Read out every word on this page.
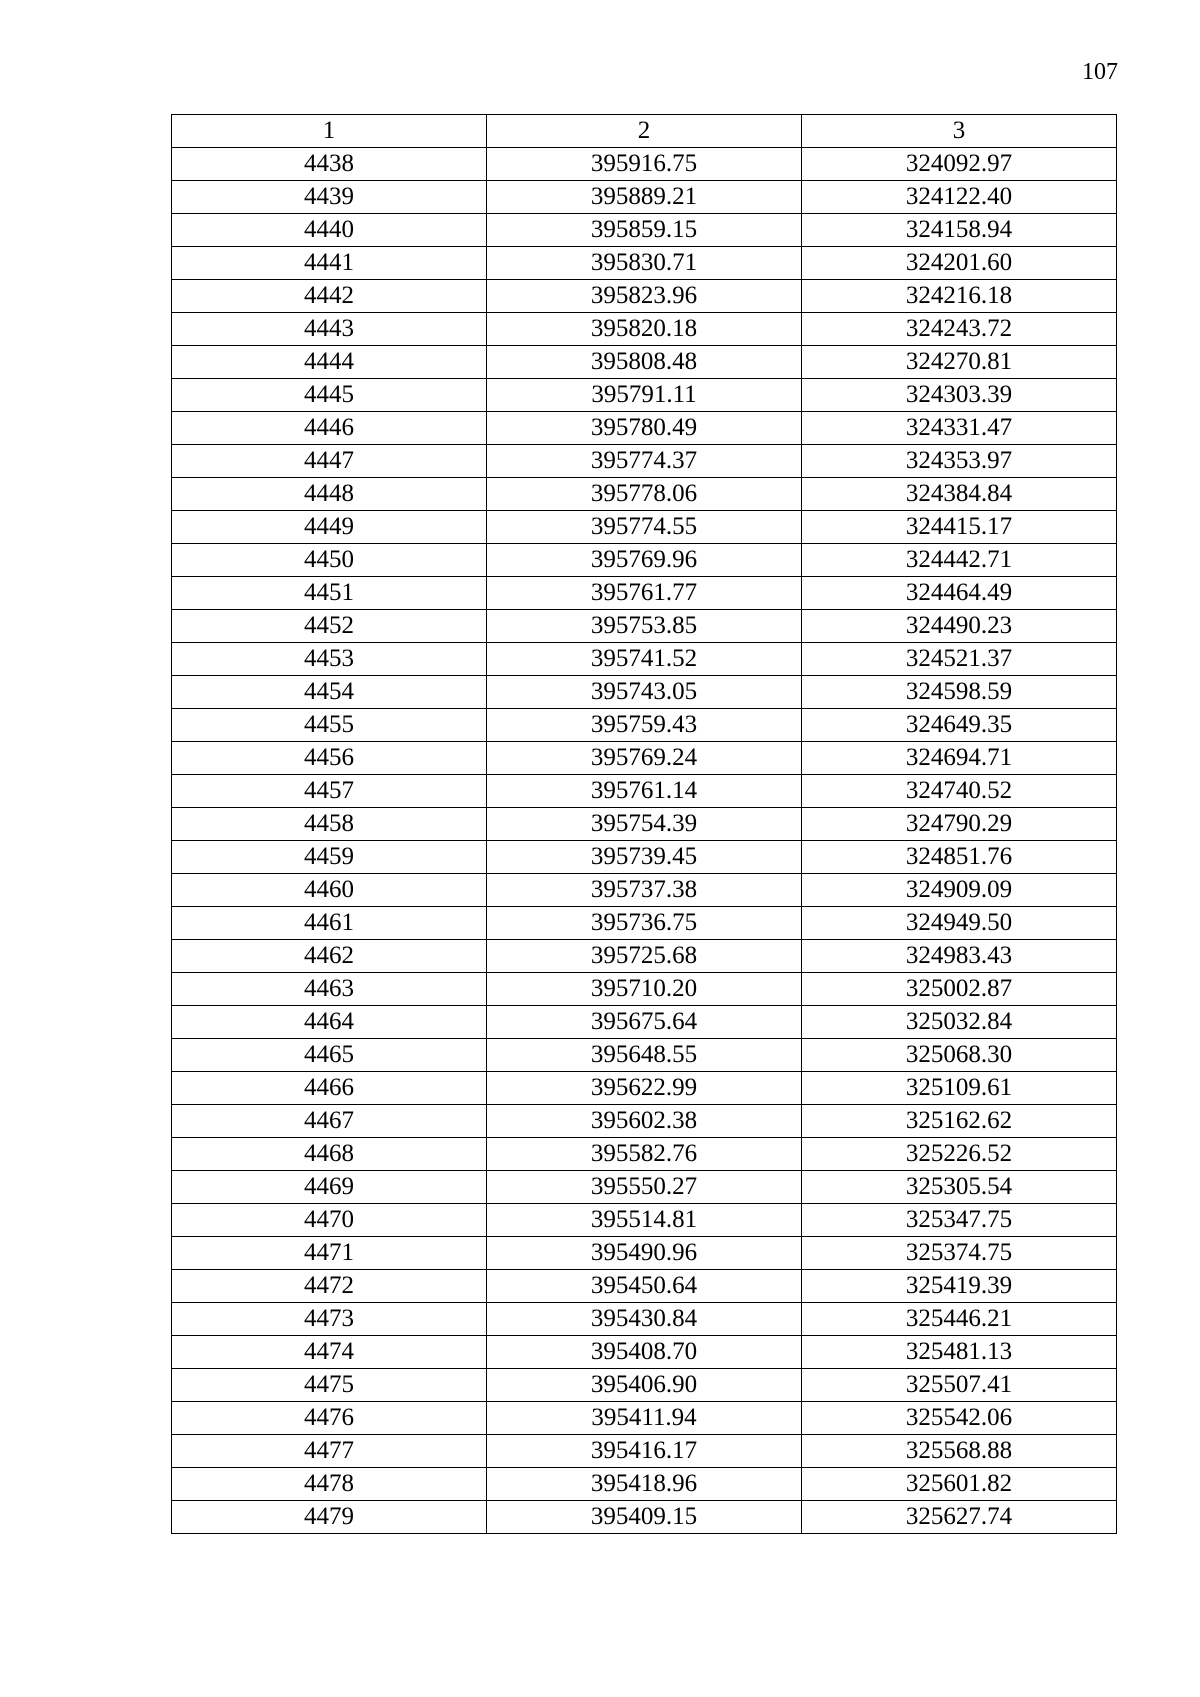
107
1	2	3
4438	395916.75	324092.97
4439	395889.21	324122.40
4440	395859.15	324158.94
4441	395830.71	324201.60
4442	395823.96	324216.18
4443	395820.18	324243.72
4444	395808.48	324270.81
4445	395791.11	324303.39
4446	395780.49	324331.47
4447	395774.37	324353.97
4448	395778.06	324384.84
4449	395774.55	324415.17
4450	395769.96	324442.71
4451	395761.77	324464.49
4452	395753.85	324490.23
4453	395741.52	324521.37
4454	395743.05	324598.59
4455	395759.43	324649.35
4456	395769.24	324694.71
4457	395761.14	324740.52
4458	395754.39	324790.29
4459	395739.45	324851.76
4460	395737.38	324909.09
4461	395736.75	324949.50
4462	395725.68	324983.43
4463	395710.20	325002.87
4464	395675.64	325032.84
4465	395648.55	325068.30
4466	395622.99	325109.61
4467	395602.38	325162.62
4468	395582.76	325226.52
4469	395550.27	325305.54
4470	395514.81	325347.75
4471	395490.96	325374.75
4472	395450.64	325419.39
4473	395430.84	325446.21
4474	395408.70	325481.13
4475	395406.90	325507.41
4476	395411.94	325542.06
4477	395416.17	325568.88
4478	395418.96	325601.82
4479	395409.15	325627.74
